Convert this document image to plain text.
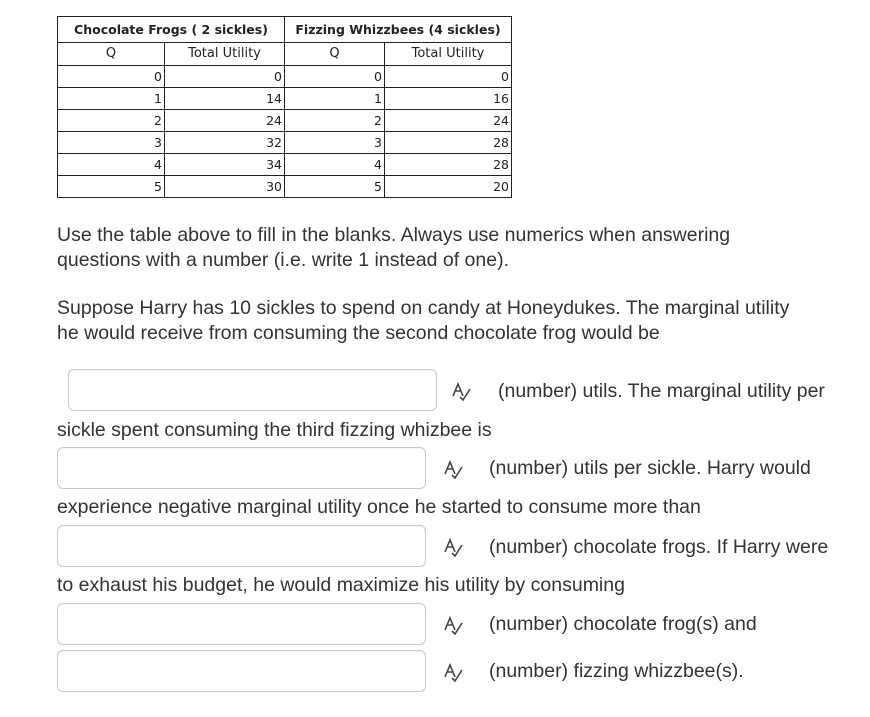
Chocolate Frogs ( 2 sickles)		Fizzing Whizzbees (4 sickles)	
Q	Total Utility	Q	Total Utility
0	0	0	0
1	14	1	16
2	24	2	24
3	32	3	28
4	34	4	28
5	30	5	20
Use the table above to fill in the blanks. Always use numerics when answering
questions with a number (i.e. write 1 instead of one).
Suppose Harry has 10 sickles to spend on candy at Honeydukes. The marginal utility
he would receive from consuming the second chocolate frog would be
(number) utils. The marginal utility per
sickle spent consuming the third fizzing whizbee is
(number) utils per sickle. Harry would
experience negative marginal utility once he started to consume more than
(number) chocolate frogs. If Harry were
to exhaust his budget, he would maximize his utility by consuming
(number) chocolate frog(s) and
(number) fizzing whizzbee(s).
